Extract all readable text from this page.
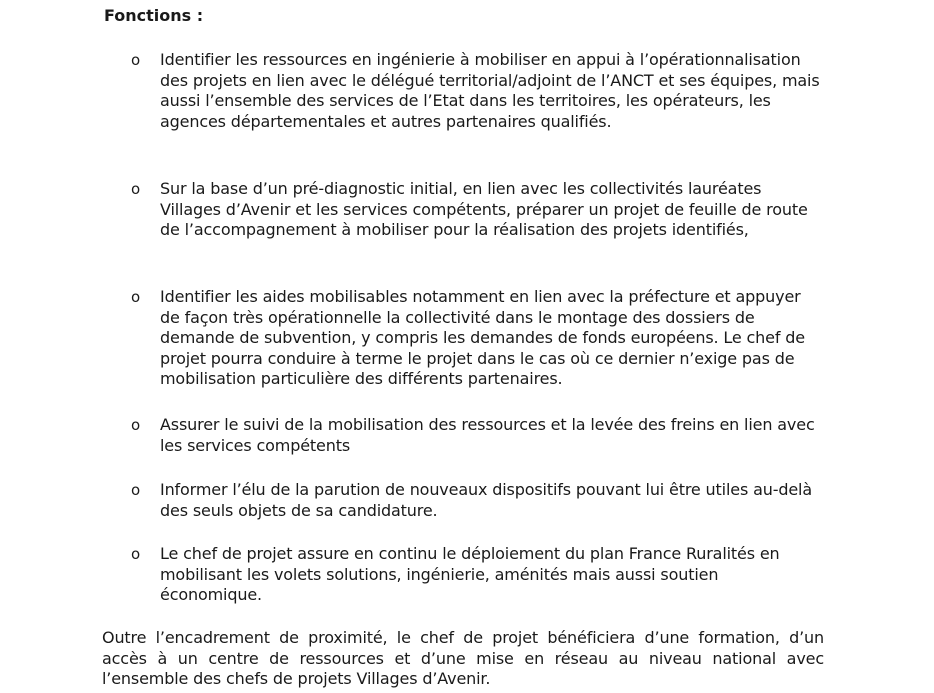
Fonctions :

o	Identifier les ressources en ingénierie à mobiliser en appui à l’opérationnalisation des projets en lien avec le délégué territorial/adjoint de l’ANCT et ses équipes, mais aussi l’ensemble des services de l’Etat dans les territoires, les opérateurs, les agences départementales et autres partenaires qualifiés.
o	Sur la base d’un pré-diagnostic initial, en lien avec les collectivités lauréates Villages d’Avenir et les services compétents, préparer un projet de feuille de route de l’accompagnement à mobiliser pour la réalisation des projets identifiés,
o	Identifier les aides mobilisables notamment en lien avec la préfecture et appuyer de façon très opérationnelle la collectivité dans le montage des dossiers de demande de subvention, y compris les demandes de fonds européens. Le chef de projet pourra conduire à terme le projet dans le cas où ce dernier n’exige pas de mobilisation particulière des différents partenaires.
o	Assurer le suivi de la mobilisation des ressources et la levée des freins en lien avec les services compétents
o	Informer l’élu de la parution de nouveaux dispositifs pouvant lui être utiles au-delà des seuls objets de sa candidature.
o	Le chef de projet assure en continu le déploiement du plan France Ruralités en mobilisant les volets solutions, ingénierie, aménités mais aussi soutien économique.

Outre l’encadrement de proximité, le chef de projet bénéficiera d’une formation, d’un accès à un centre de ressources et d’une mise en réseau au niveau national avec l’ensemble des chefs de projets Villages d’Avenir.
